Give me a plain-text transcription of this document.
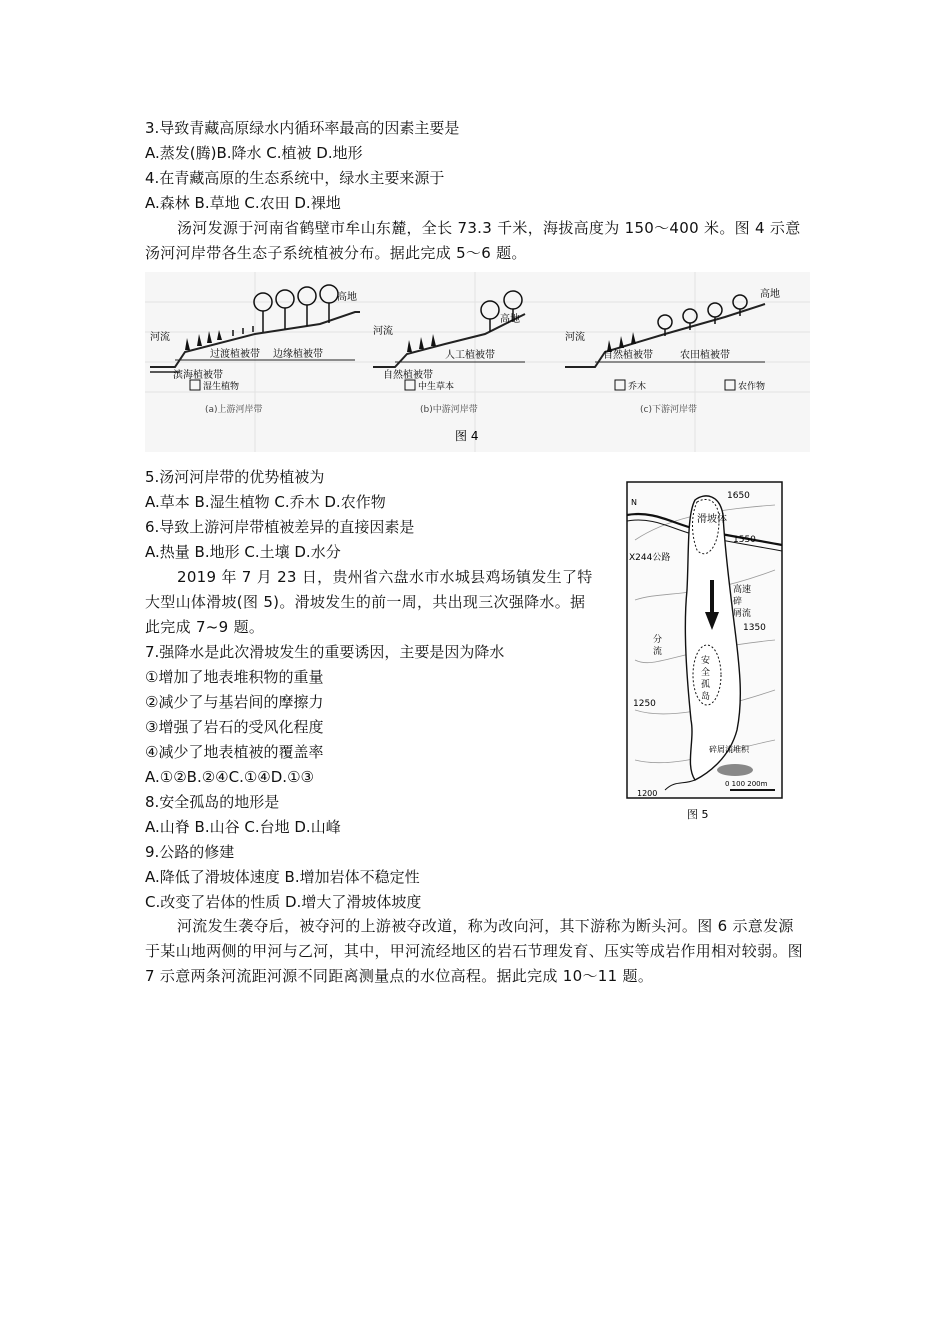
3.导致青藏高原绿水内循环率最高的因素主要是
A.蒸发(腾)B.降水 C.植被 D.地形
4.在青藏高原的生态系统中，绿水主要来源于
A.森林 B.草地 C.农田 D.裸地
汤河发源于河南省鹤壁市牟山东麓，全长 73.3 千米，海拔高度为 150～400 米。图 4 示意汤河河岸带各生态子系统植被分布。据此完成 5～6 题。
河流
高地
滨海植被带
过渡植被带 边缘植被带
(a)上游河岸带
河流
高地
自然植被带
人工植被带
(b)中游河岸带
河流
高地
自然植被带	农田植被带
(c)下游河岸带
湿生植物	中生草本	乔木	农作物
图 4
5.汤河河岸带的优势植被为
A.草本 B.湿生植物 C.乔木 D.农作物
6.导致上游河岸带植被差异的直接因素是
A.热量 B.地形 C.土壤 D.水分
2019 年 7 月 23 日，贵州省六盘水市水城县鸡场镇发生了特大型山体滑坡(图 5)。滑坡发生的前一周，共出现三次强降水。据此完成 7~9 题。
7.强降水是此次滑坡发生的重要诱因，主要是因为降水
①增加了地表堆积物的重量
②减少了与基岩间的摩擦力
③增强了岩石的受风化程度
④减少了地表植被的覆盖率
A.①②B.②④C.①④D.①③
8.安全孤岛的地形是
A.山脊 B.山谷 C.台地 D.山峰
9.公路的修建
A.降低了滑坡体速度 B.增加岩体不稳定性
C.改变了岩体的性质 D.增大了滑坡体坡度
N
1650
1550
X244公路
滑坡体
高速
碎
屑流
1350
分
流
安
全
孤
岛
1250
碎屑流堆积
1200
0 100 200m
图 5
河流发生袭夺后，被夺河的上游被夺改道，称为改向河，其下游称为断头河。图 6 示意发源于某山地两侧的甲河与乙河，其中，甲河流经地区的岩石节理发育、压实等成岩作用相对较弱。图 7 示意两条河流距河源不同距离测量点的水位高程。据此完成 10～11 题。
